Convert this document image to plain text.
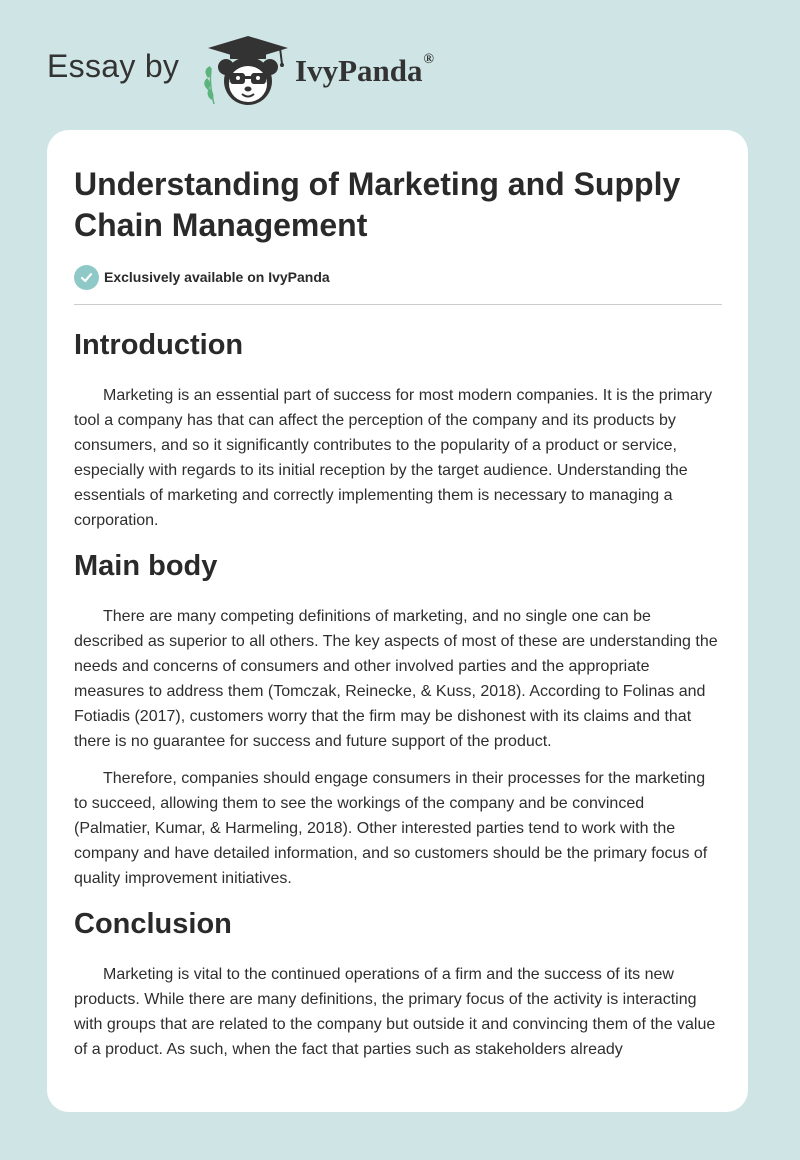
Essay by	IvyPanda®
Understanding of Marketing and Supply Chain Management
Exclusively available on IvyPanda
Introduction

Marketing is an essential part of success for most modern companies. It is the primary tool a company has that can affect the perception of the company and its products by consumers, and so it significantly contributes to the popularity of a product or service, especially with regards to its initial reception by the target audience. Understanding the essentials of marketing and correctly implementing them is necessary to managing a corporation.

Main body

There are many competing definitions of marketing, and no single one can be described as superior to all others. The key aspects of most of these are understanding the needs and concerns of consumers and other involved parties and the appropriate measures to address them (Tomczak, Reinecke, & Kuss, 2018). According to Folinas and Fotiadis (2017), customers worry that the firm may be dishonest with its claims and that there is no guarantee for success and future support of the product.

Therefore, companies should engage consumers in their processes for the marketing to succeed, allowing them to see the workings of the company and be convinced (Palmatier, Kumar, & Harmeling, 2018). Other interested parties tend to work with the company and have detailed information, and so customers should be the primary focus of quality improvement initiatives.

Conclusion

Marketing is vital to the continued operations of a firm and the success of its new products. While there are many definitions, the primary focus of the activity is interacting with groups that are related to the company but outside it and convincing them of the value of a product. As such, when the fact that parties such as stakeholders already
